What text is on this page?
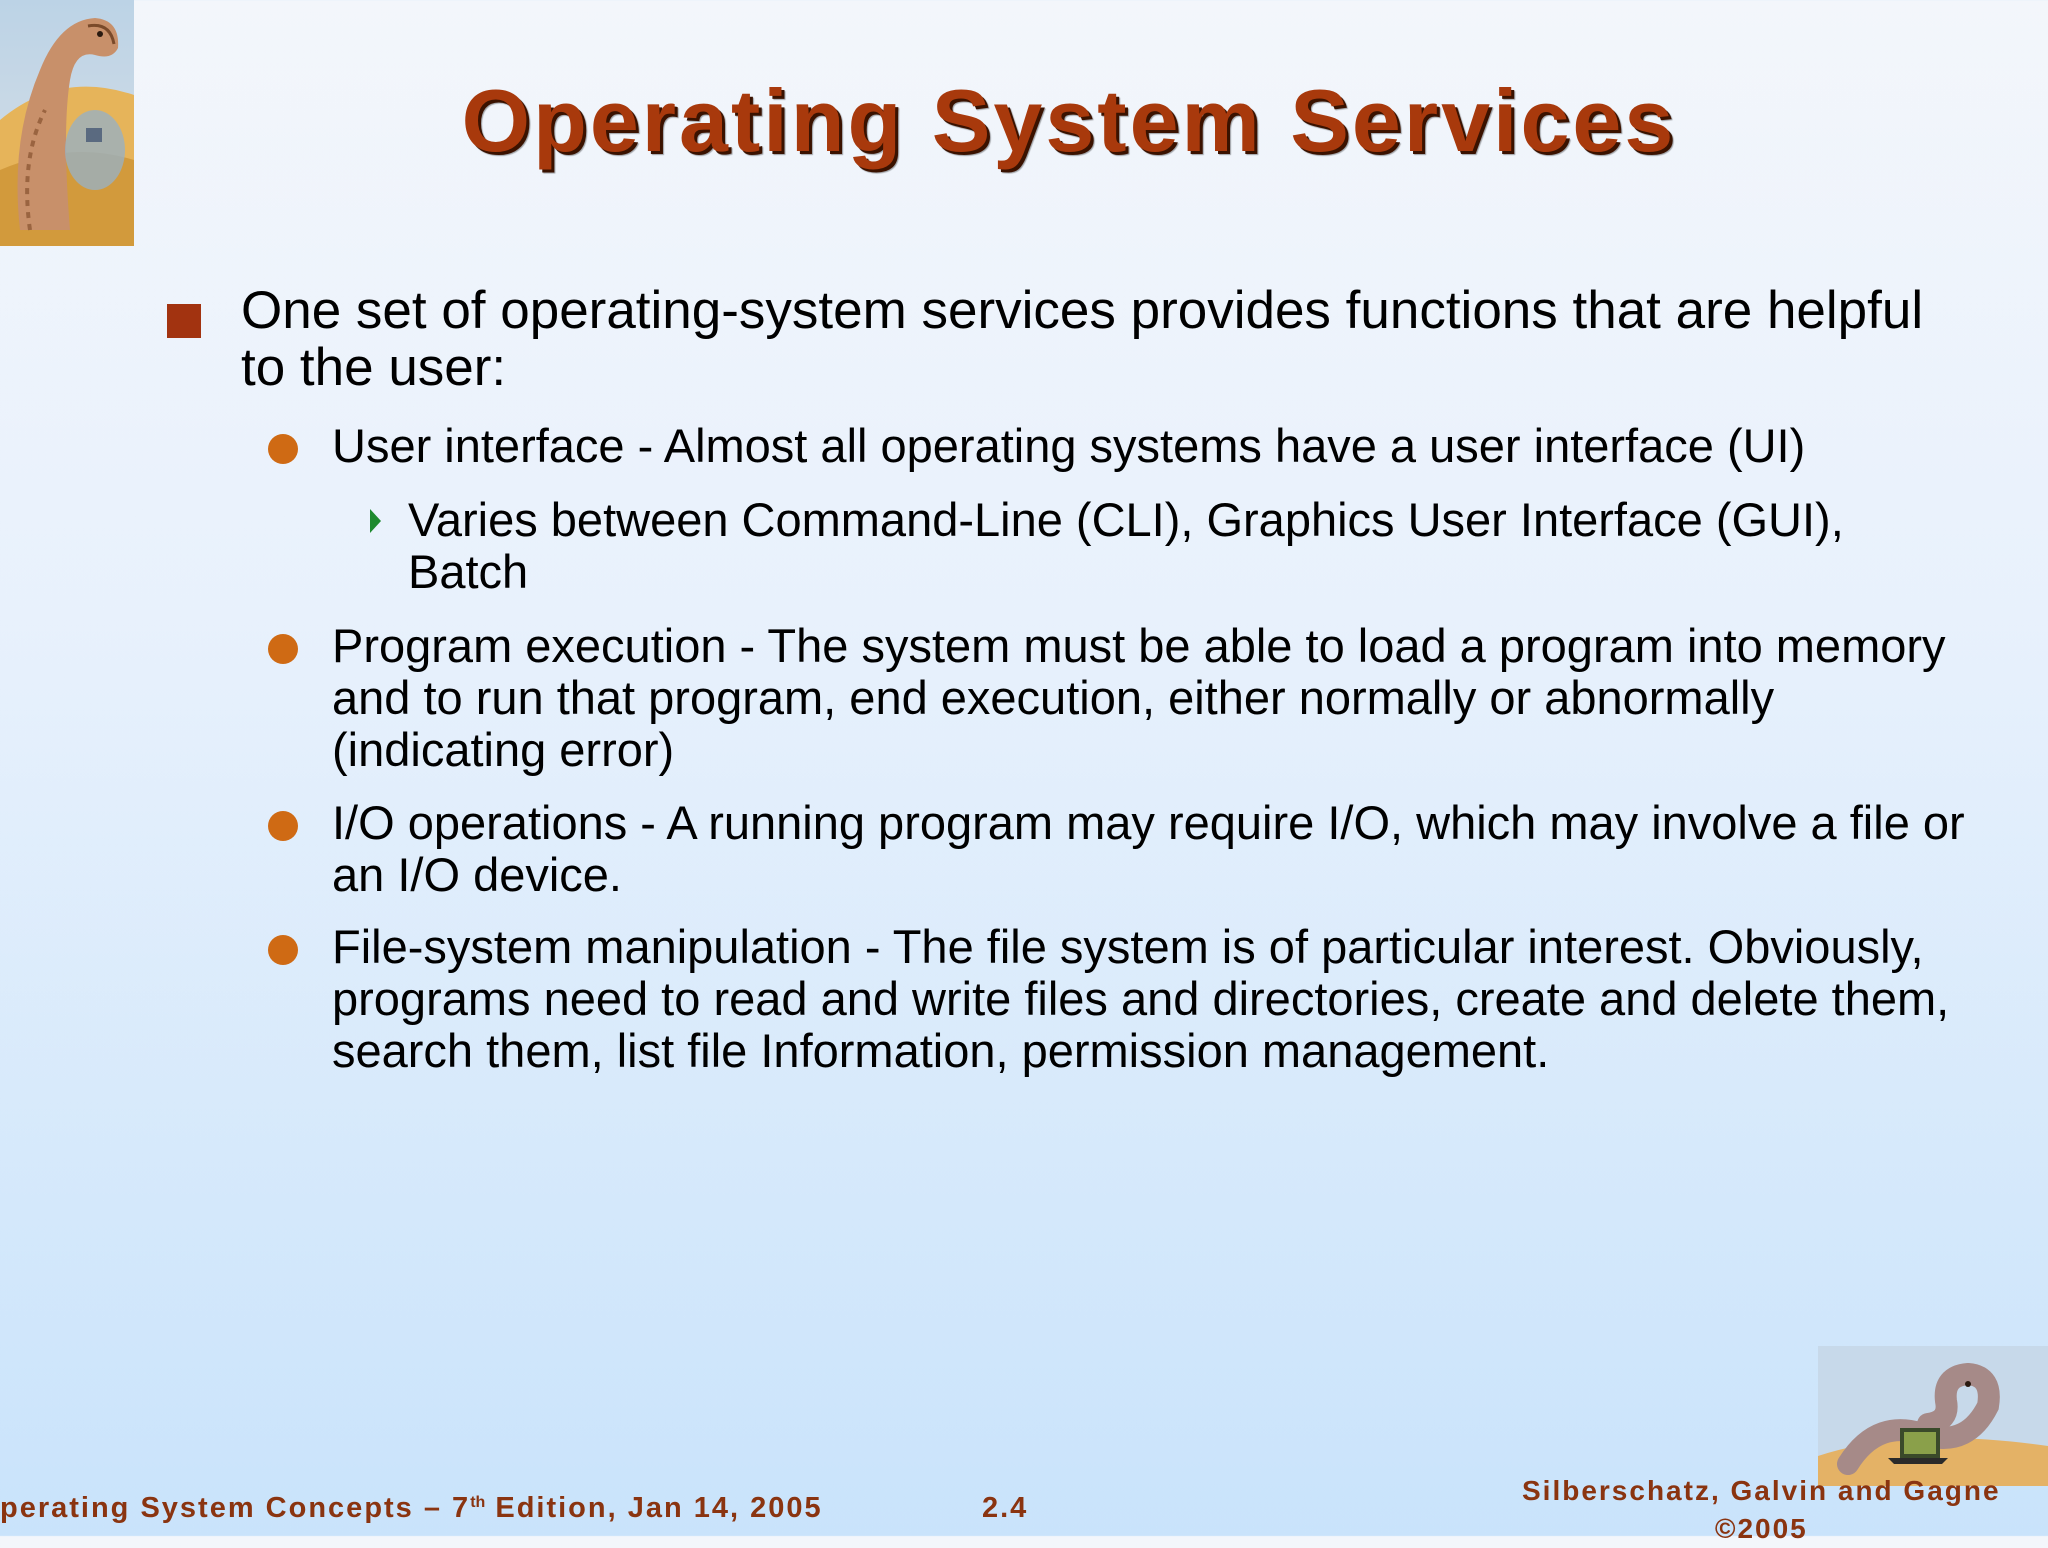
Operating System Services
One set of operating-system services provides functions that are helpful to the user:
User interface - Almost all operating systems have a user interface (UI)
Varies between Command-Line (CLI), Graphics User Interface (GUI), Batch
Program execution - The system must be able to load a program into memory and to run that program, end execution, either normally or abnormally (indicating error)
I/O operations - A running program may require I/O, which may involve a file or an I/O device.
File-system manipulation - The file system is of particular interest. Obviously, programs need to read and write files and directories, create and delete them, search them, list file Information, permission management.
perating System Concepts – 7th Edition, Jan 14, 2005	2.4
Silberschatz, Galvin and Gagne
©2005
